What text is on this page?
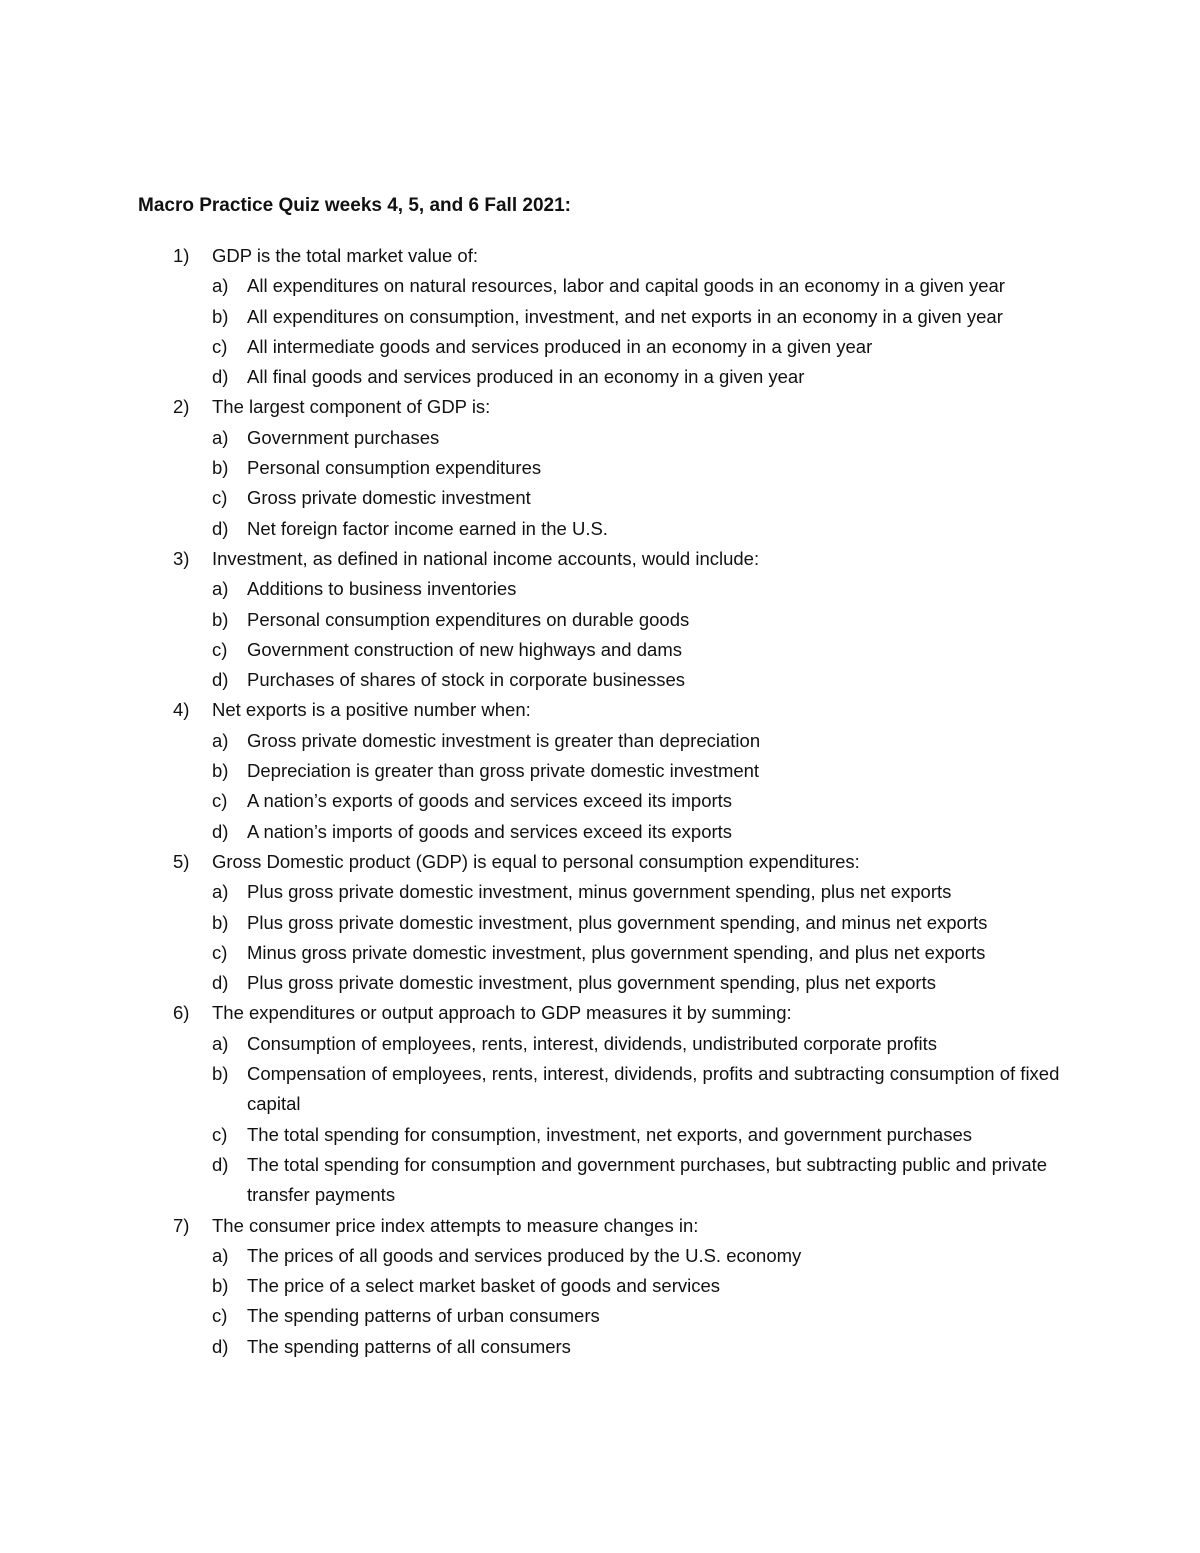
Macro Practice Quiz weeks 4, 5, and 6 Fall 2021:
1) GDP is the total market value of:
a) All expenditures on natural resources, labor and capital goods in an economy in a given year
b) All expenditures on consumption, investment, and net exports in an economy in a given year
c) All intermediate goods and services produced in an economy in a given year
d) All final goods and services produced in an economy in a given year
2) The largest component of GDP is:
a) Government purchases
b) Personal consumption expenditures
c) Gross private domestic investment
d) Net foreign factor income earned in the U.S.
3) Investment, as defined in national income accounts, would include:
a) Additions to business inventories
b) Personal consumption expenditures on durable goods
c) Government construction of new highways and dams
d) Purchases of shares of stock in corporate businesses
4) Net exports is a positive number when:
a) Gross private domestic investment is greater than depreciation
b) Depreciation is greater than gross private domestic investment
c) A nation’s exports of goods and services exceed its imports
d) A nation’s imports of goods and services exceed its exports
5) Gross Domestic product (GDP) is equal to personal consumption expenditures:
a) Plus gross private domestic investment, minus government spending, plus net exports
b) Plus gross private domestic investment, plus government spending, and minus net exports
c) Minus gross private domestic investment, plus government spending, and plus net exports
d) Plus gross private domestic investment, plus government spending, plus net exports
6) The expenditures or output approach to GDP measures it by summing:
a) Consumption of employees, rents, interest, dividends, undistributed corporate profits
b) Compensation of employees, rents, interest, dividends, profits and subtracting consumption of fixed capital
c) The total spending for consumption, investment, net exports, and government purchases
d) The total spending for consumption and government purchases, but subtracting public and private transfer payments
7) The consumer price index attempts to measure changes in:
a) The prices of all goods and services produced by the U.S. economy
b) The price of a select market basket of goods and services
c) The spending patterns of urban consumers
d) The spending patterns of all consumers
